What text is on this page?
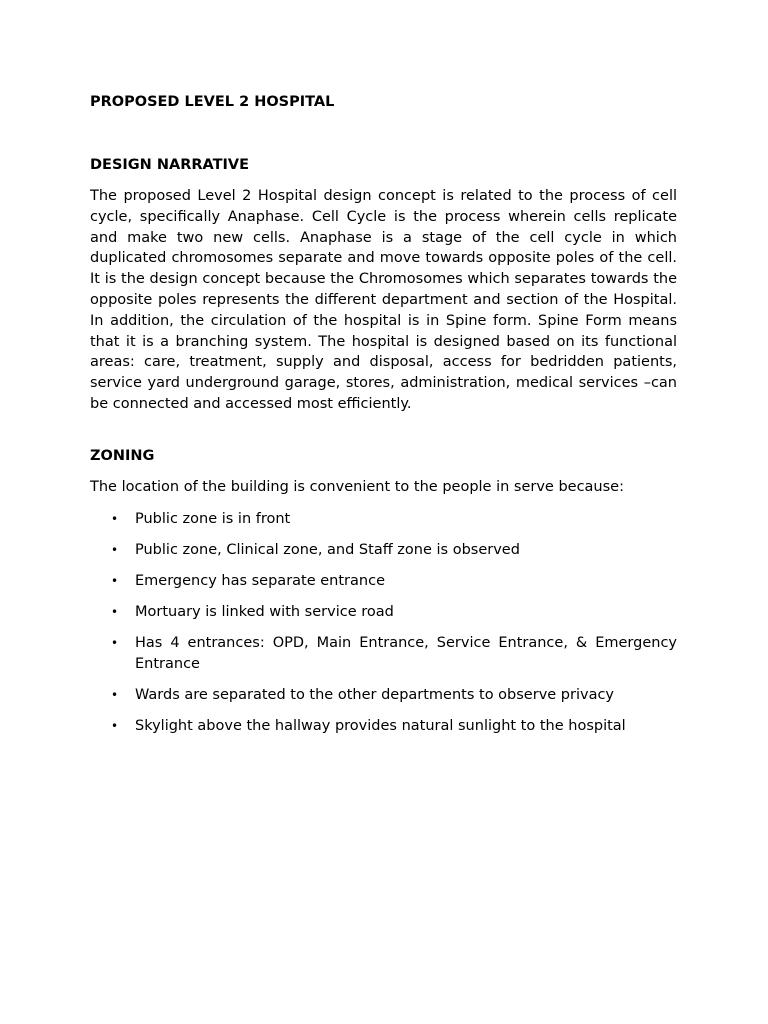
PROPOSED LEVEL 2 HOSPITAL
DESIGN NARRATIVE

The proposed Level 2 Hospital design concept is related to the process of cell cycle, specifically Anaphase. Cell Cycle is the process wherein cells replicate and make two new cells. Anaphase is a stage of the cell cycle in which duplicated chromosomes separate and move towards opposite poles of the cell. It is the design concept because the Chromosomes which separates towards the opposite poles represents the different department and section of the Hospital. In addition, the circulation of the hospital is in Spine form. Spine Form means that it is a branching system. The hospital is designed based on its functional areas: care, treatment, supply and disposal, access for bedridden patients, service yard underground garage, stores, administration, medical services –can be connected and accessed most efficiently.

ZONING

The location of the building is convenient to the people in serve because:

• Public zone is in front
• Public zone, Clinical zone, and Staff zone is observed
• Emergency has separate entrance
• Mortuary is linked with service road
• Has 4 entrances: OPD, Main Entrance, Service Entrance, & Emergency Entrance
• Wards are separated to the other departments to observe privacy
• Skylight above the hallway provides natural sunlight to the hospital
